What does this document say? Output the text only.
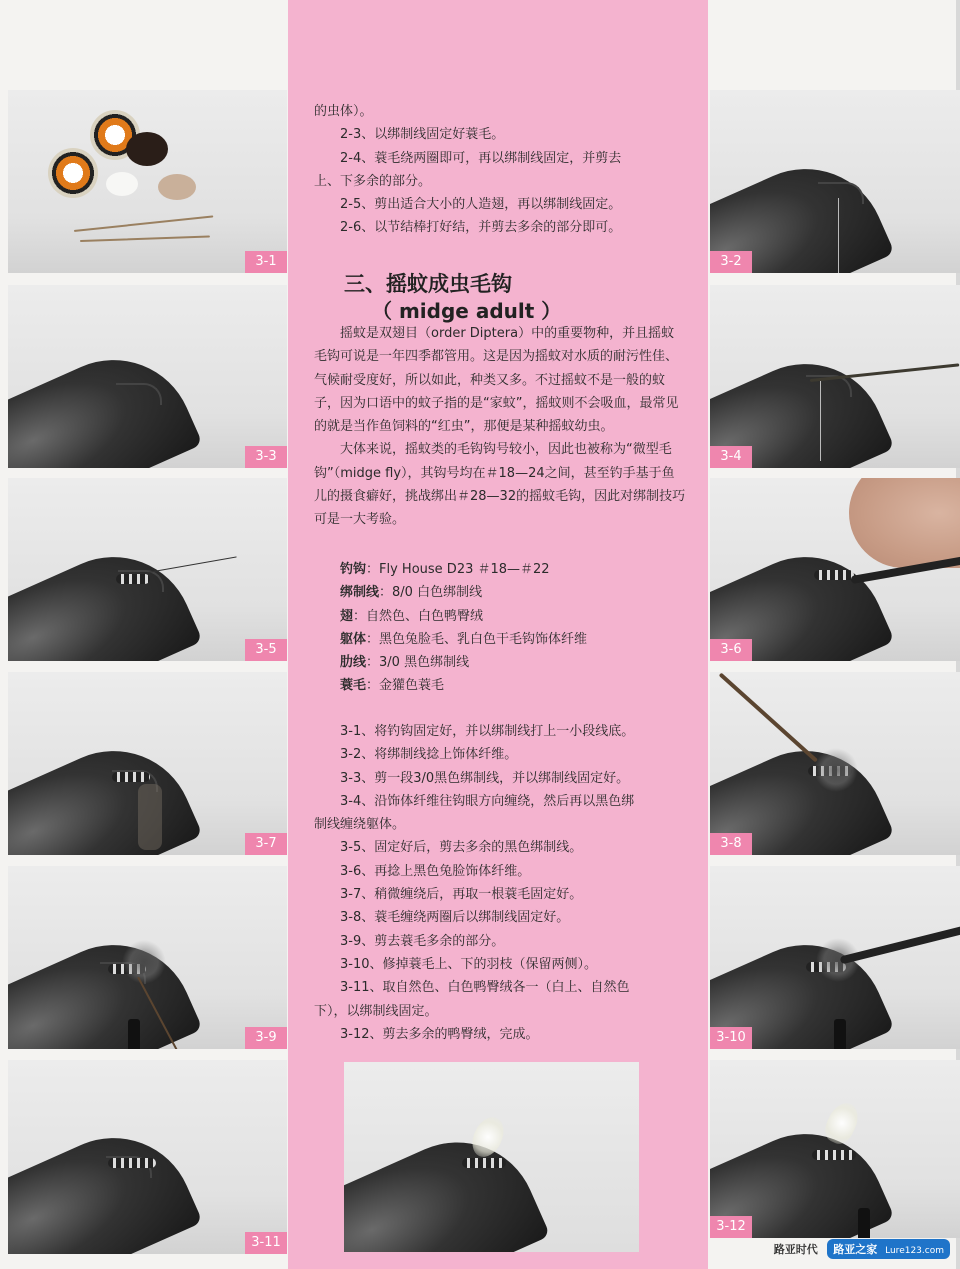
3-1
3-3
3-5
3-7
3-9
3-11
3-2
3-4
3-6
3-8
3-10
3-12

的虫体）。

2-3、以绑制线固定好蓑毛。

2-4、蓑毛绕两圈即可，再以绑制线固定，并剪去

上、下多余的部分。

2-5、剪出适合大小的人造翅，再以绑制线固定。

2-6、以节结棒打好结，并剪去多余的部分即可。

三、摇蚊成虫毛钩
（ midge adult ）

摇蚊是双翅目（order Diptera）中的重要物种，并且摇蚊毛钩可说是一年四季都管用。这是因为摇蚊对水质的耐污性佳、气候耐受度好，所以如此，种类又多。不过摇蚊不是一般的蚊子，因为口语中的蚊子指的是“家蚊”，摇蚊则不会吸血，最常见的就是当作鱼饲料的“红虫”，那便是某种摇蚊幼虫。

大体来说，摇蚊类的毛钩钩号较小，因此也被称为“微型毛钩”（midge fly），其钩号均在＃18—24之间，甚至钓手基于鱼儿的摄食癖好，挑战绑出＃28—32的摇蚊毛钩，因此对绑制技巧可是一大考验。

钓钩：Fly House D23 ＃18—＃22

绑制线：8/0 白色绑制线

翅：自然色、白色鸭臀绒

躯体：黑色兔脸毛、乳白色干毛钩饰体纤维

肋线：3/0 黑色绑制线

蓑毛：金獾色蓑毛

3-1、将钓钩固定好，并以绑制线打上一小段线底。

3-2、将绑制线捻上饰体纤维。

3-3、剪一段3/0黑色绑制线，并以绑制线固定好。

3-4、沿饰体纤维往钩眼方向缠绕，然后再以黑色绑

制线缠绕躯体。

3-5、固定好后，剪去多余的黑色绑制线。

3-6、再捻上黑色兔脸饰体纤维。

3-7、稍微缠绕后，再取一根蓑毛固定好。

3-8、蓑毛缠绕两圈后以绑制线固定好。

3-9、剪去蓑毛多余的部分。

3-10、修掉蓑毛上、下的羽枝（保留两侧）。

3-11、取自然色、白色鸭臀绒各一（白上、自然色

下），以绑制线固定。

3-12、剪去多余的鸭臀绒，完成。

路亚时代 路亚之家 Lure123.com
